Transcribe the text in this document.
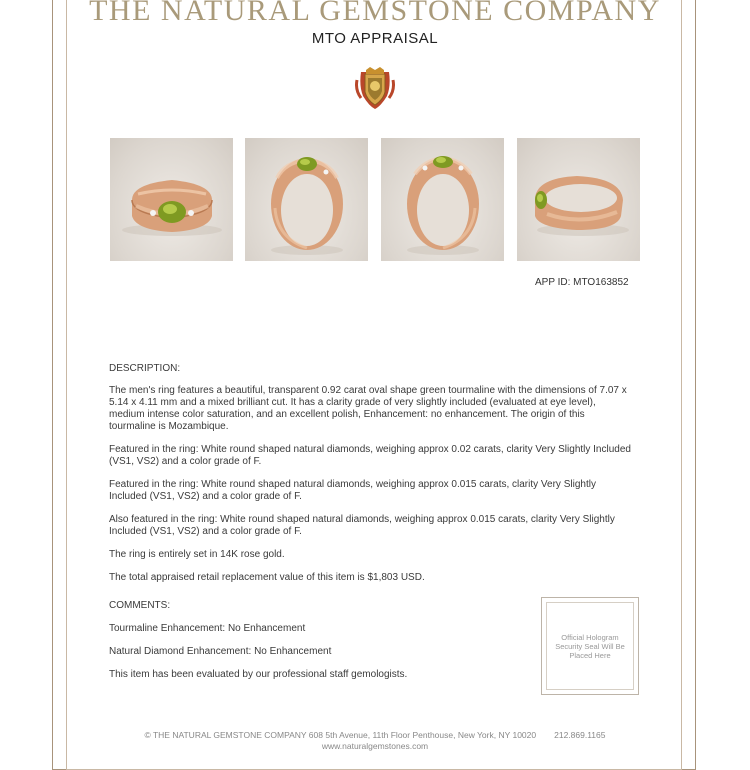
THE NATURAL GEMSTONE COMPANY
MTO APPRAISAL
APP ID: MTO163852

DESCRIPTION:

The men's ring features a beautiful, transparent 0.92 carat oval shape green tourmaline with the dimensions of 7.07 x 5.14 x 4.11 mm and a mixed brilliant cut. It has a clarity grade of very slightly included (evaluated at eye level), medium intense color saturation, and an excellent polish, Enhancement: no enhancement. The origin of this tourmaline is Mozambique.

Featured in the ring: White round shaped natural diamonds, weighing approx 0.02 carats, clarity Very Slightly Included (VS1, VS2) and a color grade of F.

Featured in the ring: White round shaped natural diamonds, weighing approx 0.015 carats, clarity Very Slightly Included (VS1, VS2) and a color grade of F.

Also featured in the ring: White round shaped natural diamonds, weighing approx 0.015 carats, clarity Very Slightly Included (VS1, VS2) and a color grade of F.

The ring is entirely set in 14K rose gold.

The total appraised retail replacement value of this item is $1,803 USD.

COMMENTS:

Tourmaline Enhancement: No Enhancement

Natural Diamond Enhancement: No Enhancement

This item has been evaluated by our professional staff gemologists.

Official Hologram Security Seal Will Be Placed Here
© THE NATURAL GEMSTONE COMPANY 608 5th Avenue, 11th Floor Penthouse, New York, NY 10020 212.869.1165
www.naturalgemstones.com
